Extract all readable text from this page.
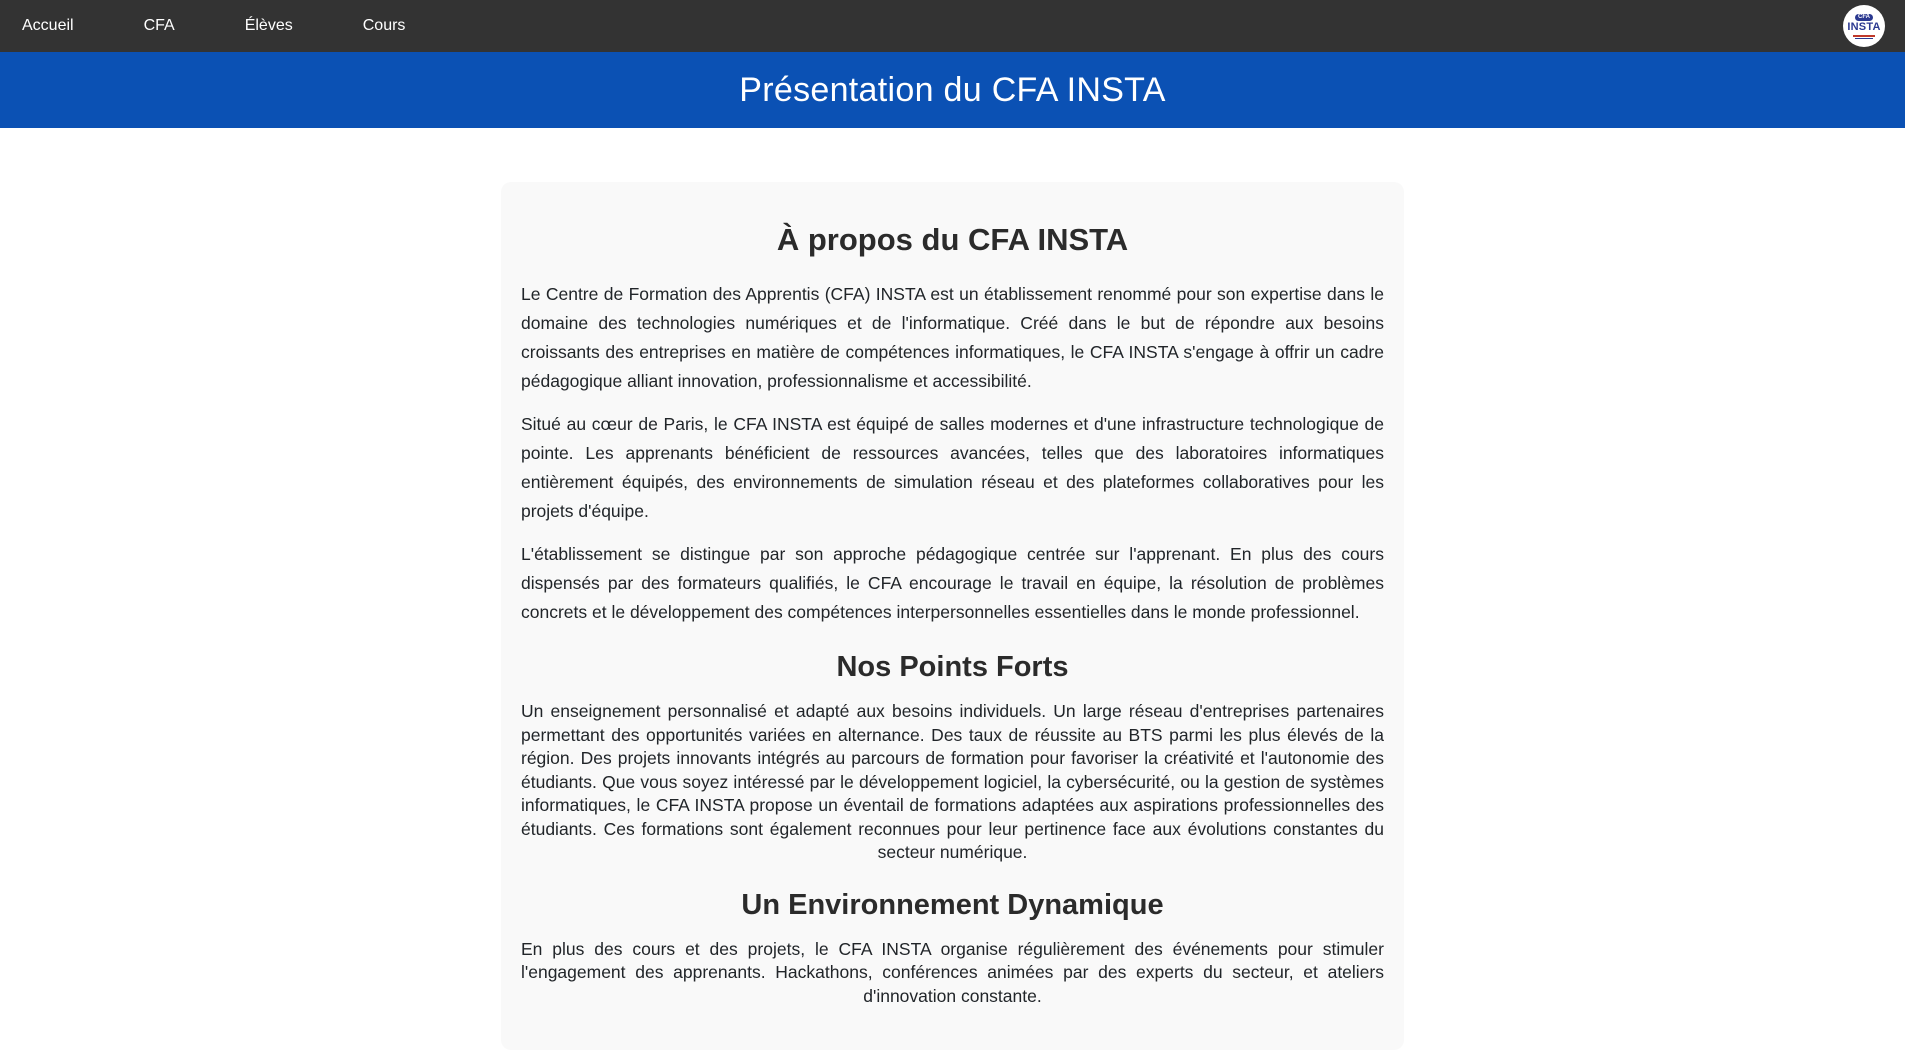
Accueil	CFA	Élèves	Cours
CFA
INSTA
Présentation du CFA INSTA
À propos du CFA INSTA

Le Centre de Formation des Apprentis (CFA) INSTA est un établissement renommé pour son expertise dans le domaine des technologies numériques et de l'informatique. Créé dans le but de répondre aux besoins croissants des entreprises en matière de compétences informatiques, le CFA INSTA s'engage à offrir un cadre pédagogique alliant innovation, professionnalisme et accessibilité.

Situé au cœur de Paris, le CFA INSTA est équipé de salles modernes et d'une infrastructure technologique de pointe. Les apprenants bénéficient de ressources avancées, telles que des laboratoires informatiques entièrement équipés, des environnements de simulation réseau et des plateformes collaboratives pour les projets d'équipe.

L'établissement se distingue par son approche pédagogique centrée sur l'apprenant. En plus des cours dispensés par des formateurs qualifiés, le CFA encourage le travail en équipe, la résolution de problèmes concrets et le développement des compétences interpersonnelles essentielles dans le monde professionnel.

Nos Points Forts

Un enseignement personnalisé et adapté aux besoins individuels. Un large réseau d'entreprises partenaires permettant des opportunités variées en alternance. Des taux de réussite au BTS parmi les plus élevés de la région. Des projets innovants intégrés au parcours de formation pour favoriser la créativité et l'autonomie des étudiants. Que vous soyez intéressé par le développement logiciel, la cybersécurité, ou la gestion de systèmes informatiques, le CFA INSTA propose un éventail de formations adaptées aux aspirations professionnelles des étudiants. Ces formations sont également reconnues pour leur pertinence face aux évolutions constantes du secteur numérique.

Un Environnement Dynamique

En plus des cours et des projets, le CFA INSTA organise régulièrement des événements pour stimuler l'engagement des apprenants. Hackathons, conférences animées par des experts du secteur, et ateliers d'innovation constante.
